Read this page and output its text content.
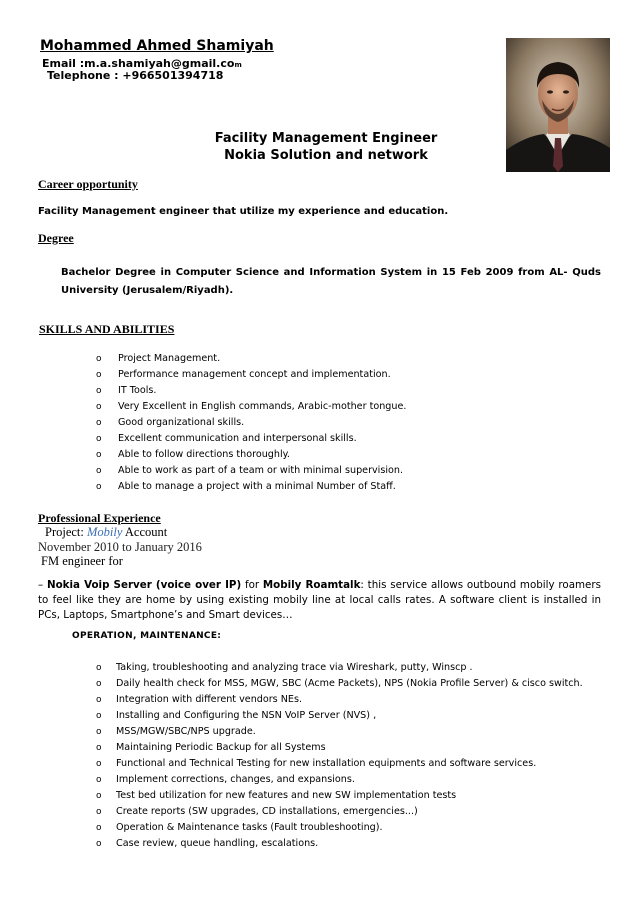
Mohammed Ahmed Shamiyah
Email :m.a.shamiyah@gmail.com
Telephone : +966501394718
Facility Management Engineer
Nokia Solution and network
Career opportunity
Facility Management engineer that utilize my experience and education.
Degree
Bachelor Degree in Computer Science and Information System in 15 Feb 2009 from AL- Quds University (Jerusalem/Riyadh).
SKILLS AND ABILITIES
o Project Management.
o Performance management concept and implementation.
o IT Tools.
o Very Excellent in English commands, Arabic-mother tongue.
o Good organizational skills.
o Excellent communication and interpersonal skills.
o Able to follow directions thoroughly.
o Able to work as part of a team or with minimal supervision.
o Able to manage a project with a minimal Number of Staff.
Professional Experience
Project: Mobily Account
November 2010 to January 2016
FM engineer for
– Nokia Voip Server (voice over IP) for Mobily Roamtalk: this service allows outbound mobily roamers to feel like they are home by using existing mobily line at local calls rates. A software client is installed in PCs, Laptops, Smartphone’s and Smart devices…
OPERATION, MAINTENANCE:
o Taking, troubleshooting and analyzing trace via Wireshark, putty, Winscp .
o Daily health check for MSS, MGW, SBC (Acme Packets), NPS (Nokia Profile Server) & cisco switch.
o Integration with different vendors NEs.
o Installing and Configuring the NSN VoIP Server (NVS) ,
o MSS/MGW/SBC/NPS upgrade.
o Maintaining Periodic Backup for all Systems
o Functional and Technical Testing for new installation equipments and software services.
o Implement corrections, changes, and expansions.
o Test bed utilization for new features and new SW implementation tests
o Create reports (SW upgrades, CD installations, emergencies...)
o Operation & Maintenance tasks (Fault troubleshooting).
o Case review, queue handling, escalations.
